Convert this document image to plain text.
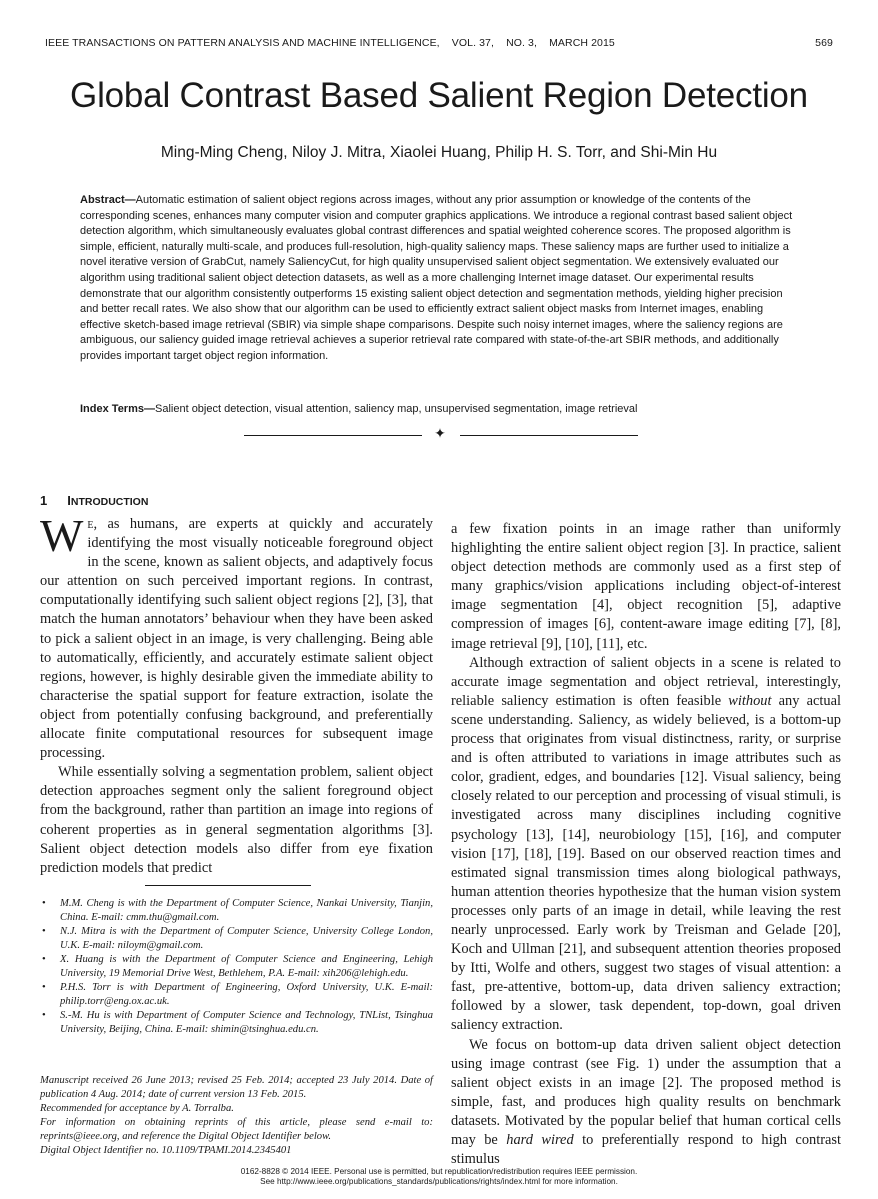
IEEE TRANSACTIONS ON PATTERN ANALYSIS AND MACHINE INTELLIGENCE,    VOL. 37,    NO. 3,    MARCH 2015	569
Global Contrast Based Salient Region Detection
Ming-Ming Cheng, Niloy J. Mitra, Xiaolei Huang, Philip H. S. Torr, and Shi-Min Hu

Abstract—Automatic estimation of salient object regions across images, without any prior assumption or knowledge of the contents of the corresponding scenes, enhances many computer vision and computer graphics applications. We introduce a regional contrast based salient object detection algorithm, which simultaneously evaluates global contrast differences and spatial weighted coherence scores. The proposed algorithm is simple, efficient, naturally multi-scale, and produces full-resolution, high-quality saliency maps. These saliency maps are further used to initialize a novel iterative version of GrabCut, namely SaliencyCut, for high quality unsupervised salient object segmentation. We extensively evaluated our algorithm using traditional salient object detection datasets, as well as a more challenging Internet image dataset. Our experimental results demonstrate that our algorithm consistently outperforms 15 existing salient object detection and segmentation methods, yielding higher precision and better recall rates. We also show that our algorithm can be used to efficiently extract salient object masks from Internet images, enabling effective sketch-based image retrieval (SBIR) via simple shape comparisons. Despite such noisy internet images, where the saliency regions are ambiguous, our saliency guided image retrieval achieves a superior retrieval rate compared with state-of-the-art SBIR methods, and additionally provides important target object region information.

Index Terms—Salient object detection, visual attention, saliency map, unsupervised segmentation, image retrieval

✦
1 INTRODUCTION

We, as humans, are experts at quickly and accurately identifying the most visually noticeable foreground object in the scene, known as salient objects, and adaptively focus our attention on such perceived important regions. In contrast, computationally identifying such salient object regions [2], [3], that match the human annotators’ behaviour when they have been asked to pick a salient object in an image, is very challenging. Being able to automatically, efficiently, and accurately estimate salient object regions, however, is highly desirable given the immediate ability to characterise the spatial support for feature extraction, isolate the object from potentially confusing background, and preferentially allocate finite computational resources for subsequent image processing.

While essentially solving a segmentation problem, salient object detection approaches segment only the salient foreground object from the background, rather than partition an image into regions of coherent properties as in general segmentation algorithms [3]. Salient object detection models also differ from eye fixation prediction models that predict

a few fixation points in an image rather than uniformly highlighting the entire salient object region [3]. In practice, salient object detection methods are commonly used as a first step of many graphics/vision applications including object-of-interest image segmentation [4], object recognition [5], adaptive compression of images [6], content-aware image editing [7], [8], image retrieval [9], [10], [11], etc.

Although extraction of salient objects in a scene is related to accurate image segmentation and object retrieval, interestingly, reliable saliency estimation is often feasible without any actual scene understanding. Saliency, as widely believed, is a bottom-up process that originates from visual distinctness, rarity, or surprise and is often attributed to variations in image attributes such as color, gradient, edges, and boundaries [12]. Visual saliency, being closely related to our perception and processing of visual stimuli, is investigated across many disciplines including cognitive psychology [13], [14], neurobiology [15], [16], and computer vision [17], [18], [19]. Based on our observed reaction times and estimated signal transmission times along biological pathways, human attention theories hypothesize that the human vision system processes only parts of an image in detail, while leaving the rest nearly unprocessed. Early work by Treisman and Gelade [20], Koch and Ullman [21], and subsequent attention theories proposed by Itti, Wolfe and others, suggest two stages of visual attention: a fast, pre-attentive, bottom-up, data driven saliency extraction; followed by a slower, task dependent, top-down, goal driven saliency extraction.

We focus on bottom-up data driven salient object detection using image contrast (see Fig. 1) under the assumption that a salient object exists in an image [2]. The proposed method is simple, fast, and produces high quality results on benchmark datasets. Motivated by the popular belief that human cortical cells may be hard wired to preferentially respond to high contrast stimulus

• M.M. Cheng is with the Department of Computer Science, Nankai University, Tianjin, China. E-mail: cmm.thu@gmail.com.
• N.J. Mitra is with the Department of Computer Science, University College London, U.K. E-mail: niloym@gmail.com.
• X. Huang is with the Department of Computer Science and Engineering, Lehigh University, 19 Memorial Drive West, Bethlehem, P.A. E-mail: xih206@lehigh.edu.
• P.H.S. Torr is with Department of Engineering, Oxford University, U.K. E-mail: philip.torr@eng.ox.ac.uk.
• S.-M. Hu is with Department of Computer Science and Technology, TNList, Tsinghua University, Beijing, China. E-mail: shimin@tsinghua.edu.cn.

Manuscript received 26 June 2013; revised 25 Feb. 2014; accepted 23 July 2014. Date of publication 4 Aug. 2014; date of current version 13 Feb. 2015.
Recommended for acceptance by A. Torralba.
For information on obtaining reprints of this article, please send e-mail to: reprints@ieee.org, and reference the Digital Object Identifier below.
Digital Object Identifier no. 10.1109/TPAMI.2014.2345401

0162-8828 © 2014 IEEE. Personal use is permitted, but republication/redistribution requires IEEE permission.
See http://www.ieee.org/publications_standards/publications/rights/index.html for more information.
